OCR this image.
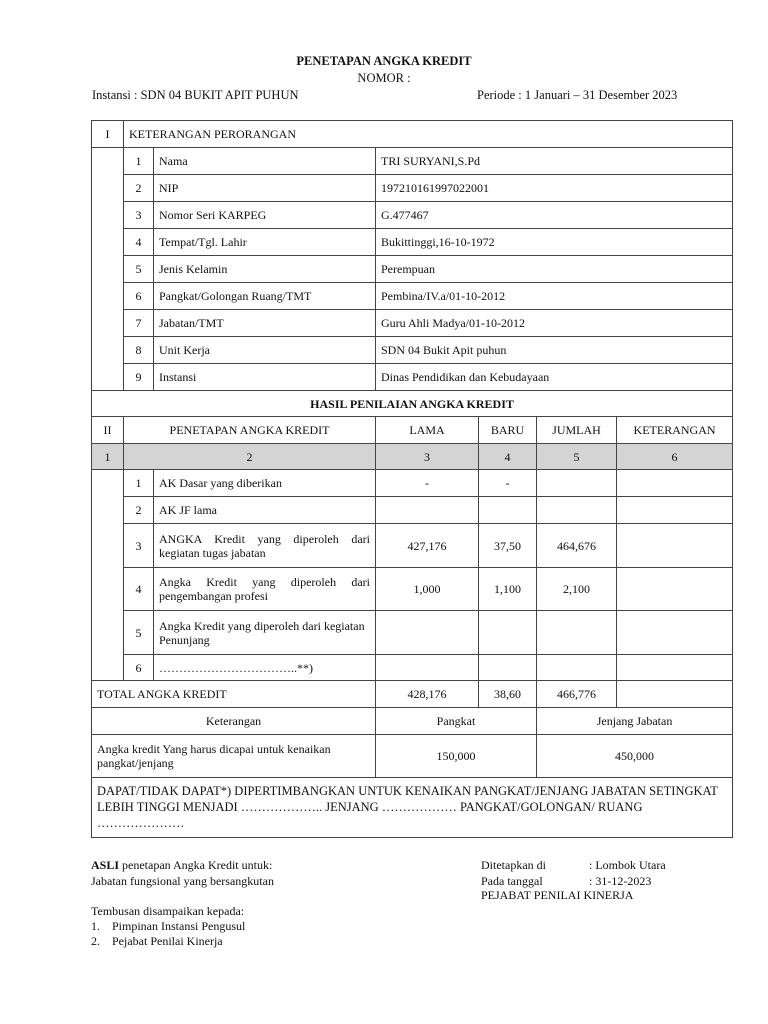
PENETAPAN ANGKA KREDIT
NOMOR :
Instansi : SDN 04 BUKIT APIT PUHUN	Periode : 1 Januari – 31 Desember 2023
I	KETERANGAN PERORANGAN					
	1	Nama	TRI SURYANI,S.Pd			
	2	NIP	197210161997022001			
	3	Nomor Seri KARPEG	G.477467			
	4	Tempat/Tgl. Lahir	Bukittinggi,16-10-1972			
	5	Jenis Kelamin	Perempuan			
	6	Pangkat/Golongan Ruang/TMT	Pembina/IV.a/01-10-2012			
	7	Jabatan/TMT	Guru Ahli Madya/01-10-2012			
	8	Unit Kerja	SDN 04 Bukit Apit puhun			
	9	Instansi	Dinas Pendidikan dan Kebudayaan			
HASIL PENILAIAN ANGKA KREDIT						
II	PENETAPAN ANGKA KREDIT		LAMA	BARU	JUMLAH	KETERANGAN
1	2		3	4	5	6
	1	AK Dasar yang diberikan	-	-		
	2	AK JF lama				
	3	ANGKA Kredit yang diperoleh dari kegiatan tugas jabatan	427,176	37,50	464,676	
	4	Angka Kredit yang diperoleh dari pengembangan profesi	1,000	1,100	2,100	
	5	Angka Kredit yang diperoleh dari kegiatan Penunjang				
	6	……………………………..**)				
TOTAL ANGKA KREDIT			428,176	38,60	466,776	
Keterangan			Pangkat		Jenjang Jabatan	
Angka kredit Yang harus dicapai untuk kenaikan pangkat/jenjang			150,000		450,000	
DAPAT/TIDAK DAPAT*) DIPERTIMBANGKAN UNTUK KENAIKAN PANGKAT/JENJANG JABATAN SETINGKAT LEBIH TINGGI MENJADI ……………….. JENJANG ……………… PANGKAT/GOLONGAN/ RUANG …………………						
ASLI penetapan Angka Kredit untuk:
Jabatan fungsional yang bersangkutan
Ditetapkan di	: Lombok Utara
Pada tanggal	: 31-12-2023
PEJABAT PENILAI KINERJA
Tembusan disampaikan kepada:
1. Pimpinan Instansi Pengusul
2. Pejabat Penilai Kinerja
